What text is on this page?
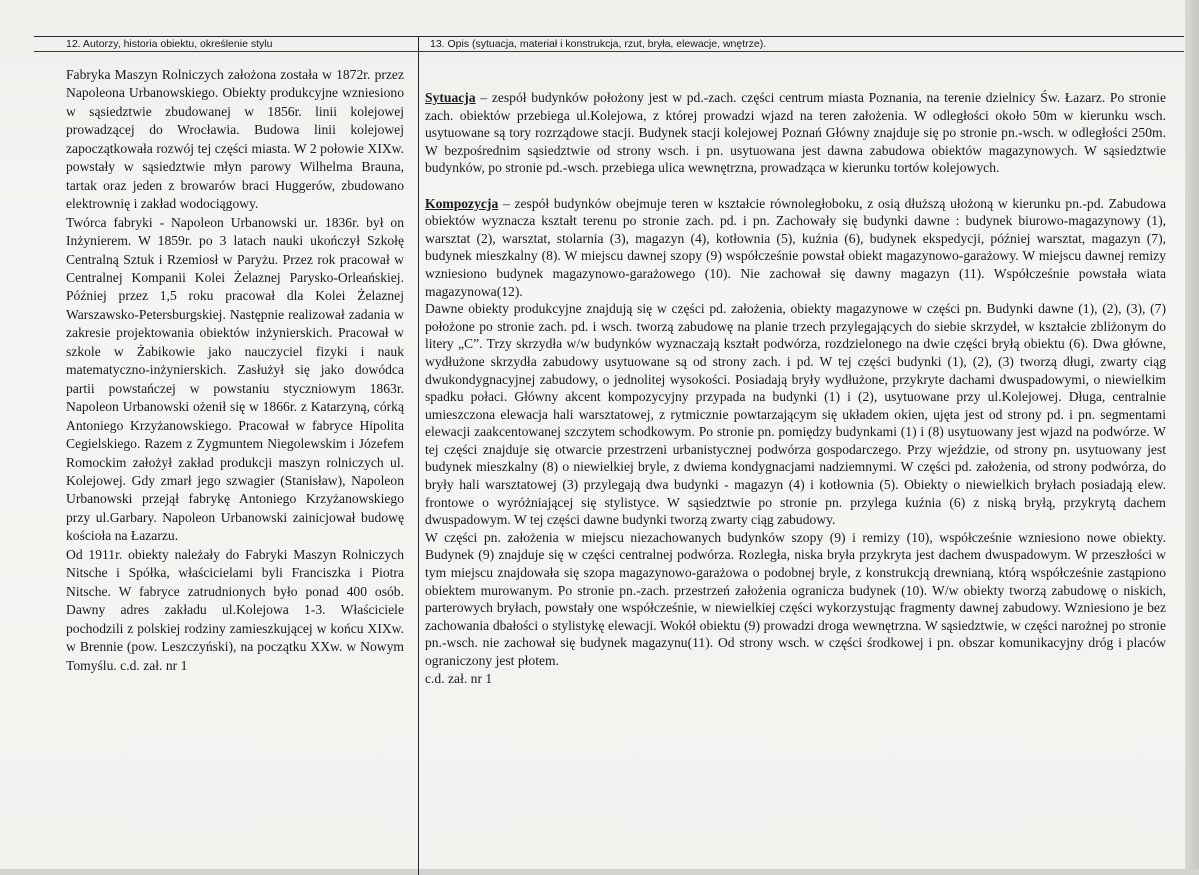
12. Autorzy, historia obiektu, określenie stylu	13. Opis (sytuacja, materiał i konstrukcja, rzut, bryła, elewacje, wnętrze).

Fabryka Maszyn Rolniczych założona została w 1872r. przez Napoleona Urbanowskiego. Obiekty produkcyjne wzniesiono w sąsiedztwie zbudowanej w 1856r. linii kolejowej prowadzącej do Wrocławia. Budowa linii kolejowej zapoczątkowała rozwój tej części miasta. W 2 połowie XIXw. powstały w sąsiedztwie młyn parowy Wilhelma Brauna, tartak oraz jeden z browarów braci Huggerów, zbudowano elektrownię i zakład wodociągowy.

Twórca fabryki - Napoleon Urbanowski ur. 1836r. był on Inżynierem. W 1859r. po 3 latach nauki ukończył Szkołę Centralną Sztuk i Rzemiosł w Paryżu. Przez rok pracował w Centralnej Kompanii Kolei Żelaznej Parysko-Orleańskiej. Później przez 1,5 roku pracował dla Kolei Żelaznej Warszawsko-Petersburgskiej. Następnie realizował zadania w zakresie projektowania obiektów inżynierskich. Pracował w szkole w Żabikowie jako nauczyciel fizyki i nauk matematyczno-inżynierskich. Zasłużył się jako dowódca partii powstańczej w powstaniu styczniowym 1863r. Napoleon Urbanowski ożenił się w 1866r. z Katarzyną, córką Antoniego Krzyżanowskiego. Pracował w fabryce Hipolita Cegielskiego. Razem z Zygmuntem Niegolewskim i Józefem Romockim założył zakład produkcji maszyn rolniczych ul. Kolejowej. Gdy zmarł jego szwagier (Stanisław), Napoleon Urbanowski przejął fabrykę Antoniego Krzyżanowskiego przy ul.Garbary. Napoleon Urbanowski zainicjował budowę kościoła na Łazarzu.

Od 1911r. obiekty należały do Fabryki Maszyn Rolniczych Nitsche i Spółka, właścicielami byli Franciszka i Piotra Nitsche. W fabryce zatrudnionych było ponad 400 osób. Dawny adres zakładu ul.Kolejowa 1-3. Właściciele pochodzili z polskiej rodziny zamieszkującej w końcu XIXw. w Brennie (pow. Leszczyński), na początku XXw. w Nowym Tomyślu. c.d. zał. nr 1

Sytuacja – zespół budynków położony jest w pd.-zach. części centrum miasta Poznania, na terenie dzielnicy Św. Łazarz. Po stronie zach. obiektów przebiega ul.Kolejowa, z której prowadzi wjazd na teren założenia. W odległości około 50m w kierunku wsch. usytuowane są tory rozrządowe stacji. Budynek stacji kolejowej Poznań Główny znajduje się po stronie pn.-wsch. w odległości 250m. W bezpośrednim sąsiedztwie od strony wsch. i pn. usytuowana jest dawna zabudowa obiektów magazynowych. W sąsiedztwie budynków, po stronie pd.-wsch. przebiega ulica wewnętrzna, prowadząca w kierunku tortów kolejowych.

Kompozycja – zespół budynków obejmuje teren w kształcie równoległoboku, z osią dłuższą ułożoną w kierunku pn.-pd. Zabudowa obiektów wyznacza kształt terenu po stronie zach. pd. i pn. Zachowały się budynki dawne : budynek biurowo-magazynowy (1), warsztat (2), warsztat, stolarnia (3), magazyn (4), kotłownia (5), kuźnia (6), budynek ekspedycji, później warsztat, magazyn (7), budynek mieszkalny (8). W miejscu dawnej szopy (9) współcześnie powstał obiekt magazynowo-garażowy. W miejscu dawnej remizy wzniesiono budynek magazynowo-garażowego (10). Nie zachował się dawny magazyn (11). Współcześnie powstała wiata magazynowa(12).

Dawne obiekty produkcyjne znajdują się w części pd. założenia, obiekty magazynowe w części pn. Budynki dawne (1), (2), (3), (7) położone po stronie zach. pd. i wsch. tworzą zabudowę na planie trzech przylegających do siebie skrzydeł, w kształcie zbliżonym do litery „C”. Trzy skrzydła w/w budynków wyznaczają kształt podwórza, rozdzielonego na dwie części bryłą obiektu (6). Dwa główne, wydłużone skrzydła zabudowy usytuowane są od strony zach. i pd. W tej części budynki (1), (2), (3) tworzą długi, zwarty ciąg dwukondygnacyjnej zabudowy, o jednolitej wysokości. Posiadają bryły wydłużone, przykryte dachami dwuspadowymi, o niewielkim spadku połaci. Główny akcent kompozycyjny przypada na budynki (1) i (2), usytuowane przy ul.Kolejowej. Długa, centralnie umieszczona elewacja hali warsztatowej, z rytmicznie powtarzającym się układem okien, ujęta jest od strony pd. i pn. segmentami elewacji zaakcentowanej szczytem schodkowym. Po stronie pn. pomiędzy budynkami (1) i (8) usytuowany jest wjazd na podwórze. W tej części znajduje się otwarcie przestrzeni urbanistycznej podwórza gospodarczego. Przy wjeździe, od strony pn. usytuowany jest budynek mieszkalny (8) o niewielkiej bryle, z dwiema kondygnacjami nadziemnymi. W części pd. założenia, od strony podwórza, do bryły hali warsztatowej (3) przylegają dwa budynki - magazyn (4) i kotłownia (5). Obiekty o niewielkich bryłach posiadają elew. frontowe o wyróżniającej się stylistyce. W sąsiedztwie po stronie pn. przylega kuźnia (6) z niską bryłą, przykrytą dachem dwuspadowym. W tej części dawne budynki tworzą zwarty ciąg zabudowy.

W części pn. założenia w miejscu niezachowanych budynków szopy (9) i remizy (10), współcześnie wzniesiono nowe obiekty. Budynek (9) znajduje się w części centralnej podwórza. Rozległa, niska bryła przykryta jest dachem dwuspadowym. W przeszłości w tym miejscu znajdowała się szopa magazynowo-garażowa o podobnej bryle, z konstrukcją drewnianą, którą współcześnie zastąpiono obiektem murowanym. Po stronie pn.-zach. przestrzeń założenia ogranicza budynek (10). W/w obiekty tworzą zabudowę o niskich, parterowych bryłach, powstały one współcześnie, w niewielkiej części wykorzystując fragmenty dawnej zabudowy. Wzniesiono je bez zachowania dbałości o stylistykę elewacji. Wokół obiektu (9) prowadzi droga wewnętrzna. W sąsiedztwie, w części narożnej po stronie pn.-wsch. nie zachował się budynek magazynu(11). Od strony wsch. w części środkowej i pn. obszar komunikacyjny dróg i placów ograniczony jest płotem.

c.d. zał. nr 1
